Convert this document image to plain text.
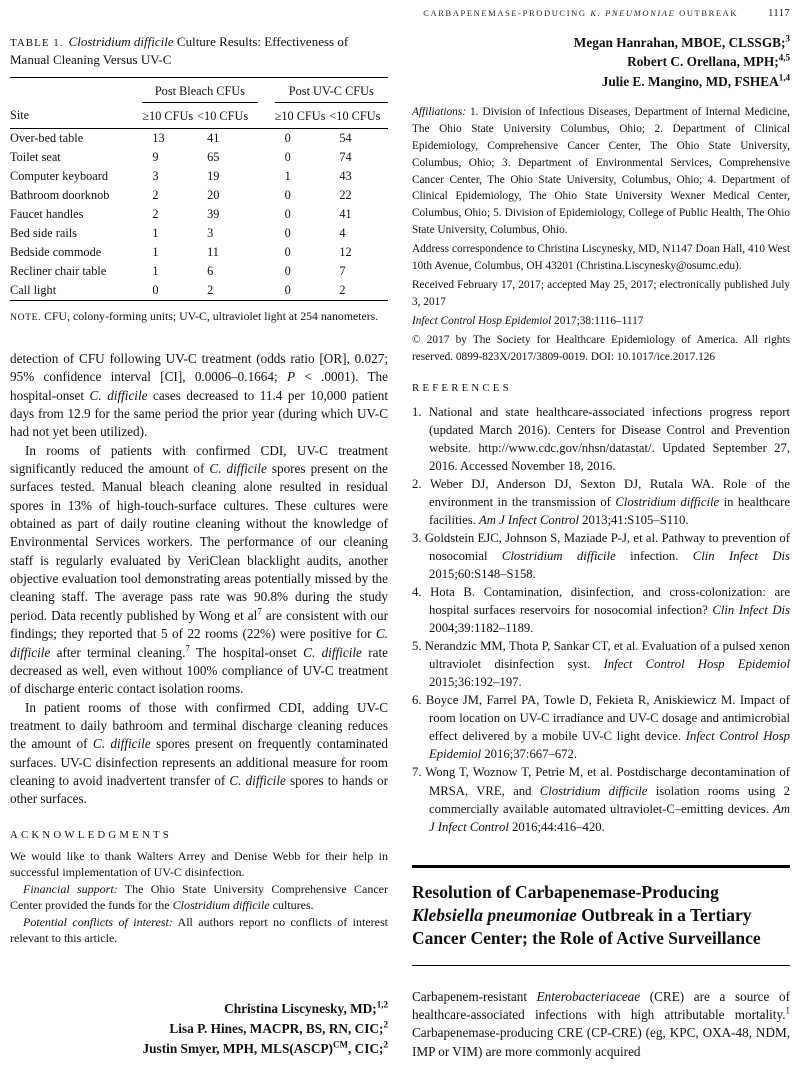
CARBAPENEMASE-PRODUCING K. PNEUMONIAE OUTBREAK	1117

TABLE 1. Clostridium difficile Culture Results: Effectiveness of Manual Cleaning Versus UV-C

	Post Bleach CFUs			Post UV-C CFUs	
Site	≥10 CFUs	<10 CFUs		≥10 CFUs	<10 CFUs
Over-bed table	13	41		0	54
Toilet seat	9	65		0	74
Computer keyboard	3	19		1	43
Bathroom doorknob	2	20		0	22
Faucet handles	2	39		0	41
Bed side rails	1	3		0	4
Bedside commode	1	11		0	12
Recliner chair table	1	6		0	7
Call light	0	2		0	2

NOTE. CFU, colony-forming units; UV-C, ultraviolet light at 254 nanometers.

detection of CFU following UV-C treatment (odds ratio [OR], 0.027; 95% confidence interval [CI], 0.0006–0.1664; P < .0001). The hospital-onset C. difficile cases decreased to 11.4 per 10,000 patient days from 12.9 for the same period the prior year (during which UV-C had not yet been utilized).

In rooms of patients with confirmed CDI, UV-C treatment significantly reduced the amount of C. difficile spores present on the surfaces tested. Manual bleach cleaning alone resulted in residual spores in 13% of high-touch-surface cultures. These cultures were obtained as part of daily routine cleaning without the knowledge of Environmental Services workers. The performance of our cleaning staff is regularly evaluated by VeriClean blacklight audits, another objective evaluation tool demonstrating areas potentially missed by the cleaning staff. The average pass rate was 90.8% during the study period. Data recently published by Wong et $al^7$ are consistent with our findings; they reported that 5 of 22 rooms (22%) were positive for C. difficile after terminal cleaning.$^7$ The hospital-onset C. difficile rate decreased as well, even without 100% compliance of UV-C treatment of discharge enteric contact isolation rooms.

In patient rooms of those with confirmed CDI, adding UV-C treatment to daily bathroom and terminal discharge cleaning reduces the amount of C. difficile spores present on frequently contaminated surfaces. UV-C disinfection represents an additional measure for room cleaning to avoid inadvertent transfer of C. difficile spores to hands or other surfaces.

ACKNOWLEDGMENTS

We would like to thank Walters Arrey and Denise Webb for their help in successful implementation of UV-C disinfection.

Financial support: The Ohio State University Comprehensive Cancer Center provided the funds for the Clostridium difficile cultures.

Potential conflicts of interest: All authors report no conflicts of interest relevant to this article.

Christina Liscynesky, MD;$^{1,2}$

Lisa P. Hines, MACPR, BS, RN, CIC;$^2$

Justin Smyer, MPH, MLS(ASCP)$^{CM}$, CIC;$^2$

Megan Hanrahan, MBOE, CLSSGB;$^3$

Robert C. Orellana, MPH;$^{4,5}$

Julie E. Mangino, MD, FSHEA$^{1,4}$

Affiliations: 1. Division of Infectious Diseases, Department of Internal Medicine, The Ohio State University Columbus, Ohio; 2. Department of Clinical Epidemiology, Comprehensive Cancer Center, The Ohio State University, Columbus, Ohio; 3. Department of Environmental Services, Comprehensive Cancer Center, The Ohio State University, Columbus, Ohio; 4. Department of Clinical Epidemiology, The Ohio State University Wexner Medical Center, Columbus, Ohio; 5. Division of Epidemiology, College of Public Health, The Ohio State University, Columbus, Ohio.

Address correspondence to Christina Liscynesky, MD, N1147 Doan Hall, 410 West 10th Avenue, Columbus, OH 43201 (Christina.Liscynesky@osumc.edu).

Received February 17, 2017; accepted May 25, 2017; electronically published July 3, 2017

Infect Control Hosp Epidemiol 2017;38:1116–1117

© 2017 by The Society for Healthcare Epidemiology of America. All rights reserved. 0899-823X/2017/3809-0019. DOI: 10.1017/ice.2017.126

REFERENCES

1. National and state healthcare-associated infections progress report (updated March 2016). Centers for Disease Control and Prevention website. http://www.cdc.gov/nhsn/datastat/. Updated September 27, 2016. Accessed November 18, 2016.

2. Weber DJ, Anderson DJ, Sexton DJ, Rutala WA. Role of the environment in the transmission of Clostridium difficile in healthcare facilities. Am J Infect Control 2013;41:S105–S110.

3. Goldstein EJC, Johnson S, Maziade P-J, et al. Pathway to prevention of nosocomial Clostridium difficile infection. Clin Infect Dis 2015;60:S148–S158.

4. Hota B. Contamination, disinfection, and cross-colonization: are hospital surfaces reservoirs for nosocomial infection? Clin Infect Dis 2004;39:1182–1189.

5. Nerandzic MM, Thota P, Sankar CT, et al. Evaluation of a pulsed xenon ultraviolet disinfection syst. Infect Control Hosp Epidemiol 2015;36:192–197.

6. Boyce JM, Farrel PA, Towle D, Fekieta R, Aniskiewicz M. Impact of room location on UV-C irradiance and UV-C dosage and antimicrobial effect delivered by a mobile UV-C light device. Infect Control Hosp Epidemiol 2016;37:667–672.

7. Wong T, Woznow T, Petrie M, et al. Postdischarge decontamination of MRSA, VRE, and Clostridium difficile isolation rooms using 2 commercially available automated ultraviolet-C–emitting devices. Am J Infect Control 2016;44:416–420.

Resolution of Carbapenemase-Producing Klebsiella pneumoniae Outbreak in a Tertiary Cancer Center; the Role of Active Surveillance

Carbapenem-resistant Enterobacteriaceae (CRE) are a source of healthcare-associated infections with high attributable mortality.$^1$ Carbapenemase-producing CRE (CP-CRE) (eg, KPC, OXA-48, NDM, IMP or VIM) are more commonly acquired
